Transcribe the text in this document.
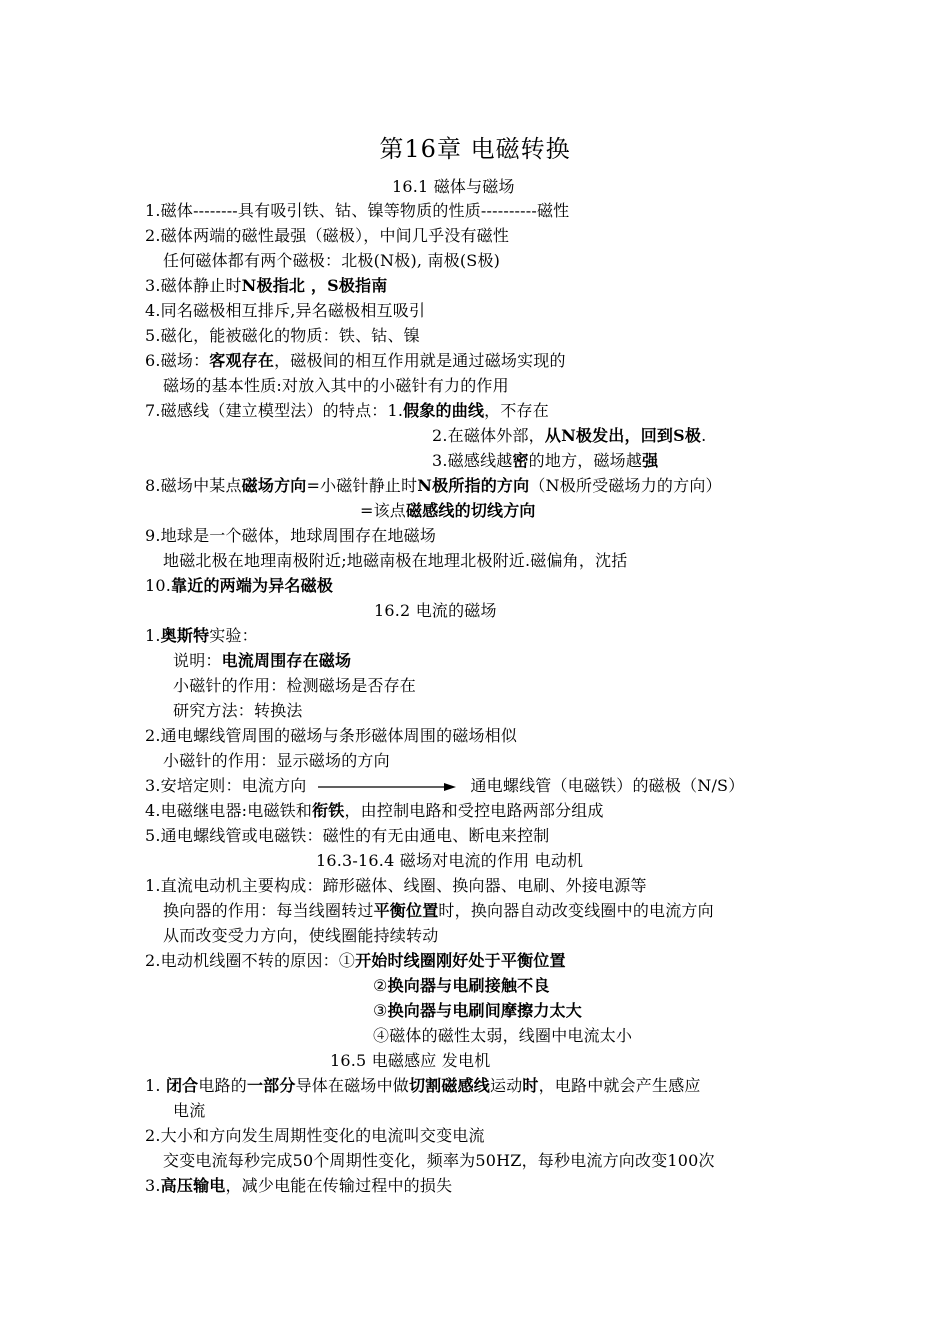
第16章 电磁转换
16.1 磁体与磁场
1.磁体--------具有吸引铁、钴、镍等物质的性质----------磁性
2.磁体两端的磁性最强（磁极），中间几乎没有磁性
任何磁体都有两个磁极：北极(N极), 南极(S极)
3.磁体静止时N极指北 ，S极指南
4.同名磁极相互排斥,异名磁极相互吸引
5.磁化，能被磁化的物质：铁、钴、镍
6.磁场：客观存在，磁极间的相互作用就是通过磁场实现的
磁场的基本性质:对放入其中的小磁针有力的作用
7.磁感线（建立模型法）的特点：1.假象的曲线，不存在
2.在磁体外部，从N极发出，回到S极.
3.磁感线越密的地方，磁场越强
8.磁场中某点磁场方向=小磁针静止时N极所指的方向（N极所受磁场力的方向）
=该点磁感线的切线方向
9.地球是一个磁体，地球周围存在地磁场
地磁北极在地理南极附近;地磁南极在地理北极附近.磁偏角，沈括
10.靠近的两端为异名磁极
16.2 电流的磁场
1.奥斯特实验：
说明：电流周围存在磁场
小磁针的作用：检测磁场是否存在
研究方法：转换法
2.通电螺线管周围的磁场与条形磁体周围的磁场相似
小磁针的作用：显示磁场的方向
3.安培定则：电流方向	通电螺线管（电磁铁）的磁极（N/S）
4.电磁继电器:电磁铁和衔铁，由控制电路和受控电路两部分组成
5.通电螺线管或电磁铁：磁性的有无由通电、断电来控制
16.3-16.4 磁场对电流的作用 电动机
1.直流电动机主要构成：蹄形磁体、线圈、换向器、电刷、外接电源等
换向器的作用：每当线圈转过平衡位置时，换向器自动改变线圈中的电流方向
从而改变受力方向，使线圈能持续转动
2.电动机线圈不转的原因：①开始时线圈刚好处于平衡位置
②换向器与电刷接触不良
③换向器与电刷间摩擦力太大
④磁体的磁性太弱，线圈中电流太小
16.5 电磁感应 发电机
1. 闭合电路的一部分导体在磁场中做切割磁感线运动时，电路中就会产生感应
电流
2.大小和方向发生周期性变化的电流叫交变电流
交变电流每秒完成50个周期性变化，频率为50HZ，每秒电流方向改变100次
3.高压输电，减少电能在传输过程中的损失
